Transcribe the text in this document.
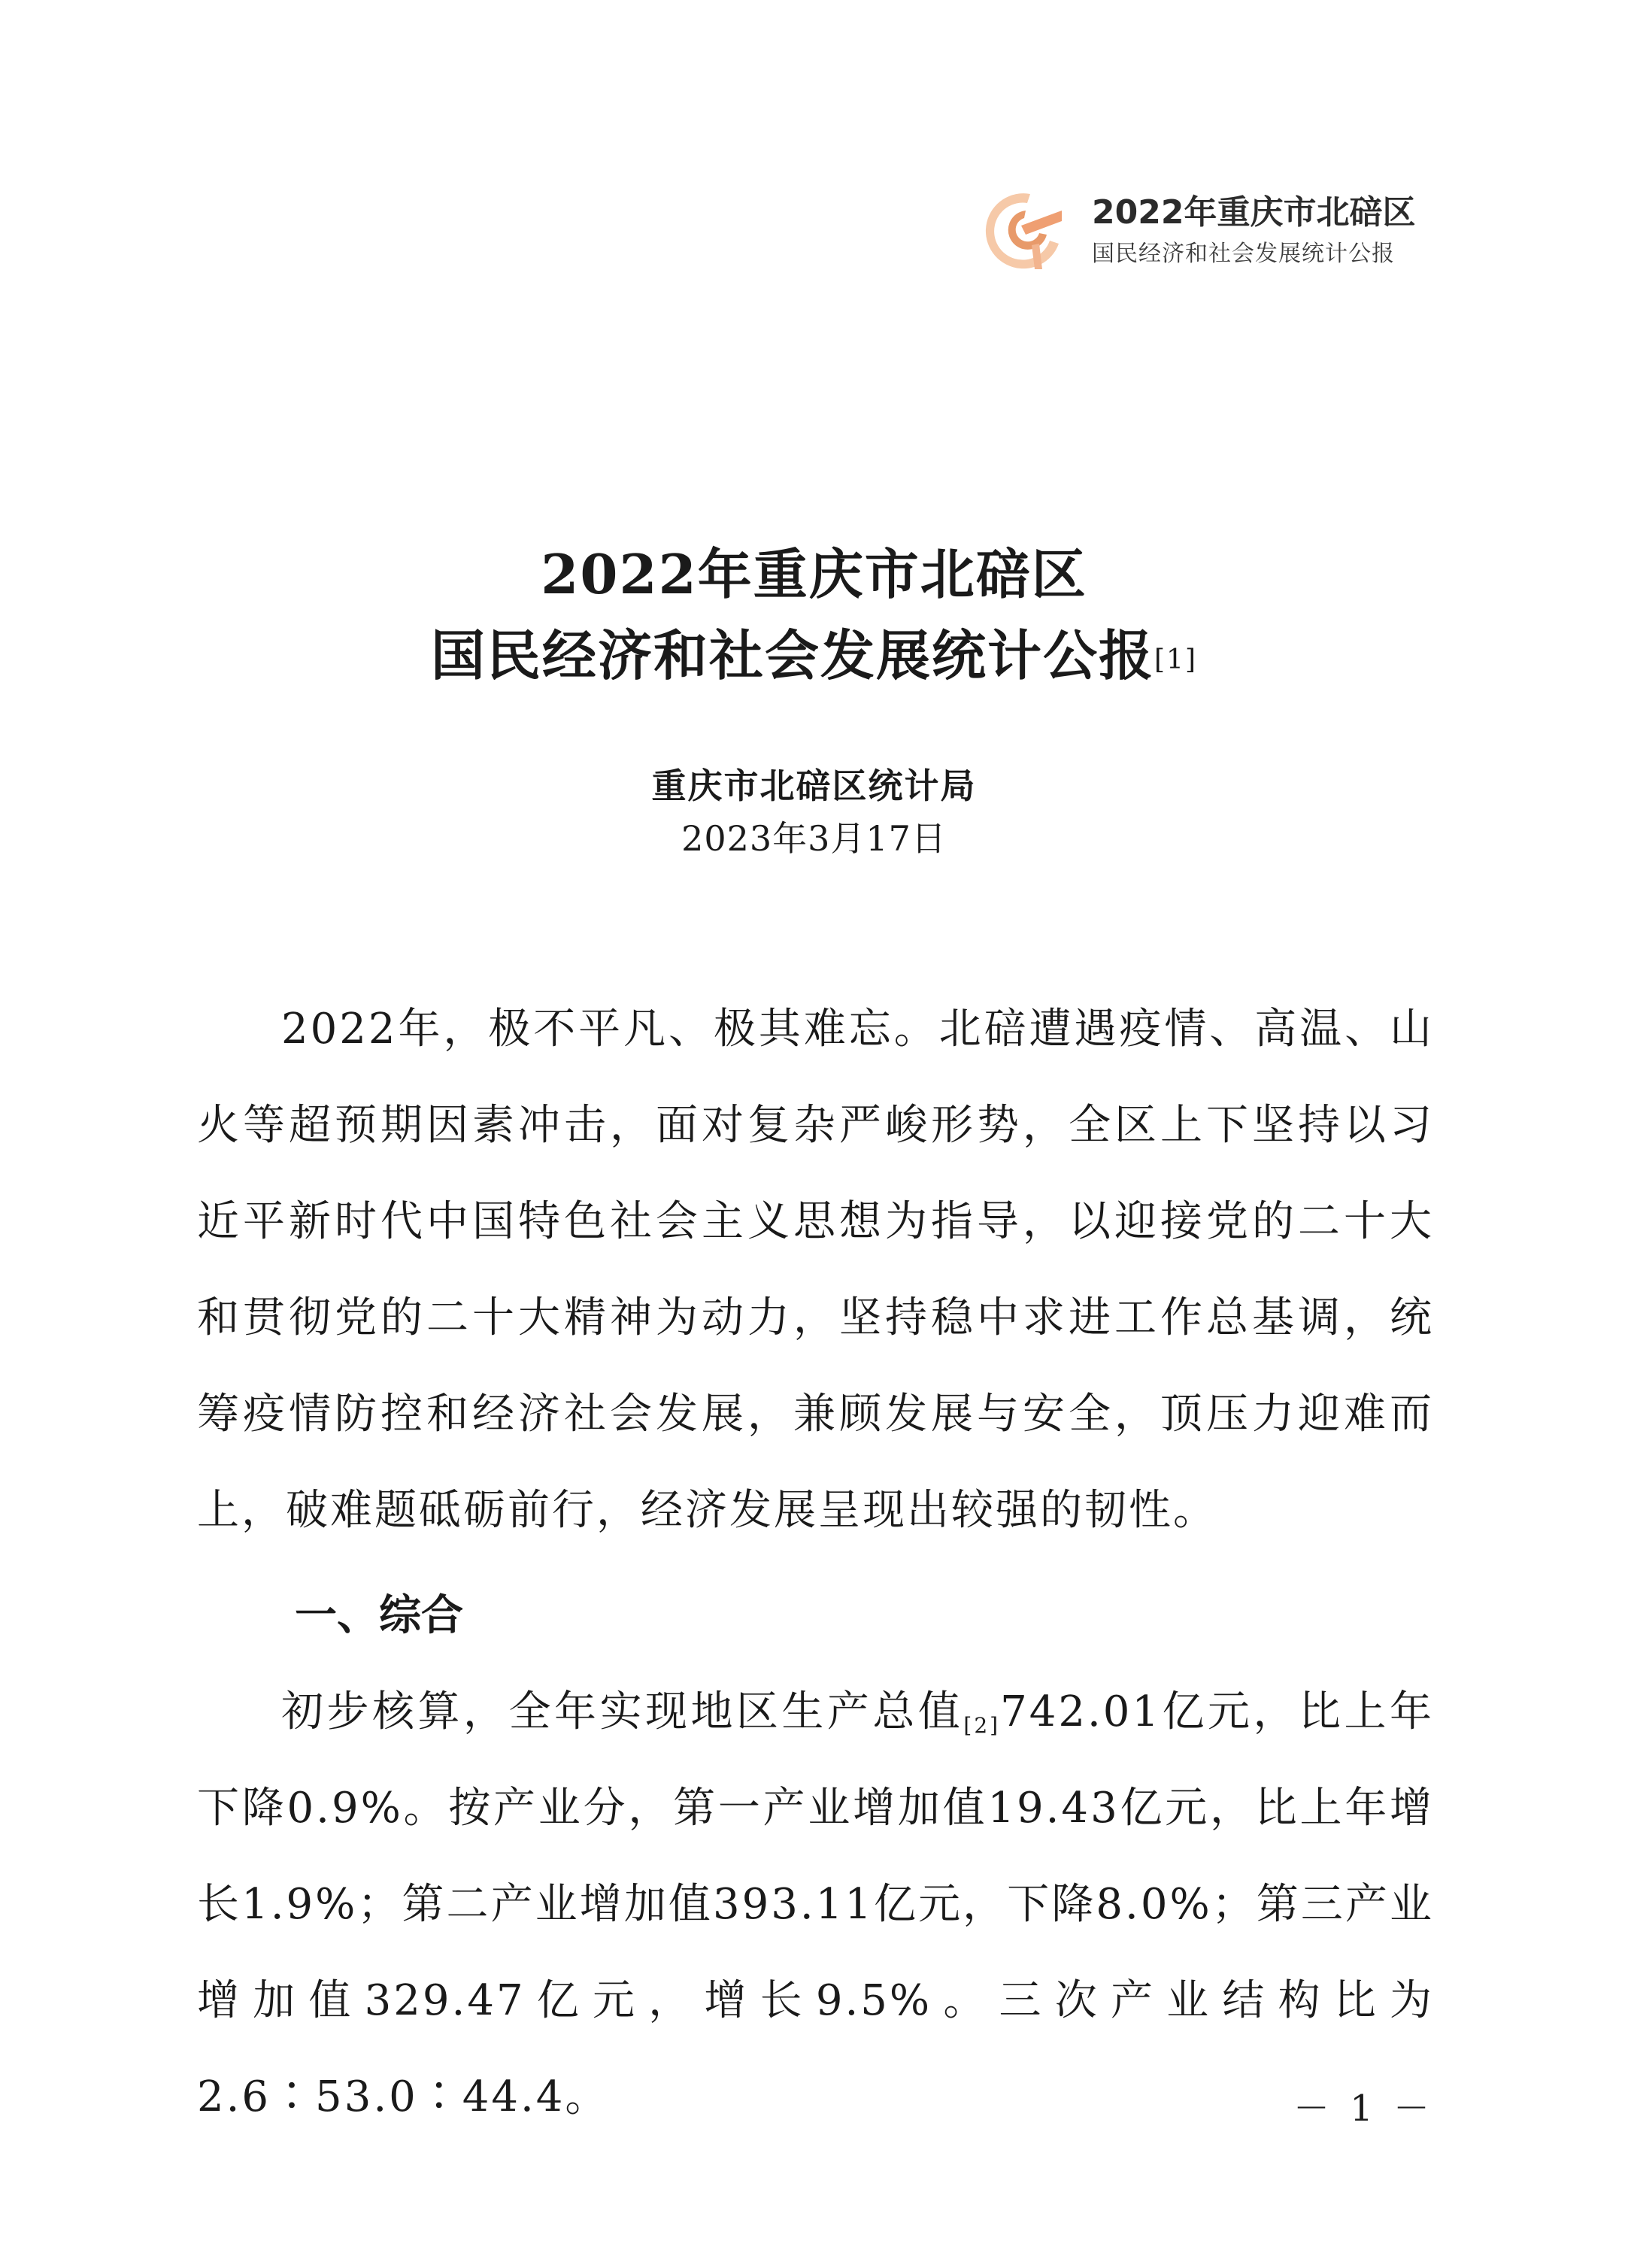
2022年重庆市北碚区
国民经济和社会发展统计公报
2022年重庆市北碚区
国民经济和社会发展统计公报[1]
重庆市北碚区统计局
2023年3月17日

2022年，极不平凡、极其难忘。北碚遭遇疫情、高温、山火等超预期因素冲击，面对复杂严峻形势，全区上下坚持以习近平新时代中国特色社会主义思想为指导，以迎接党的二十大和贯彻党的二十大精神为动力，坚持稳中求进工作总基调，统筹疫情防控和经济社会发展，兼顾发展与安全，顶压力迎难而上，破难题砥砺前行，经济发展呈现出较强的韧性。

一、综合

初步核算，全年实现地区生产总值[2]742.01亿元，比上年下降0.9%。按产业分，第一产业增加值19.43亿元，比上年增长1.9%；第二产业增加值393.11亿元，下降8.0%；第三产业增加值329.47亿元，增长9.5%。三次产业结构比为2.6∶53.0∶44.4。	－ 1 －
